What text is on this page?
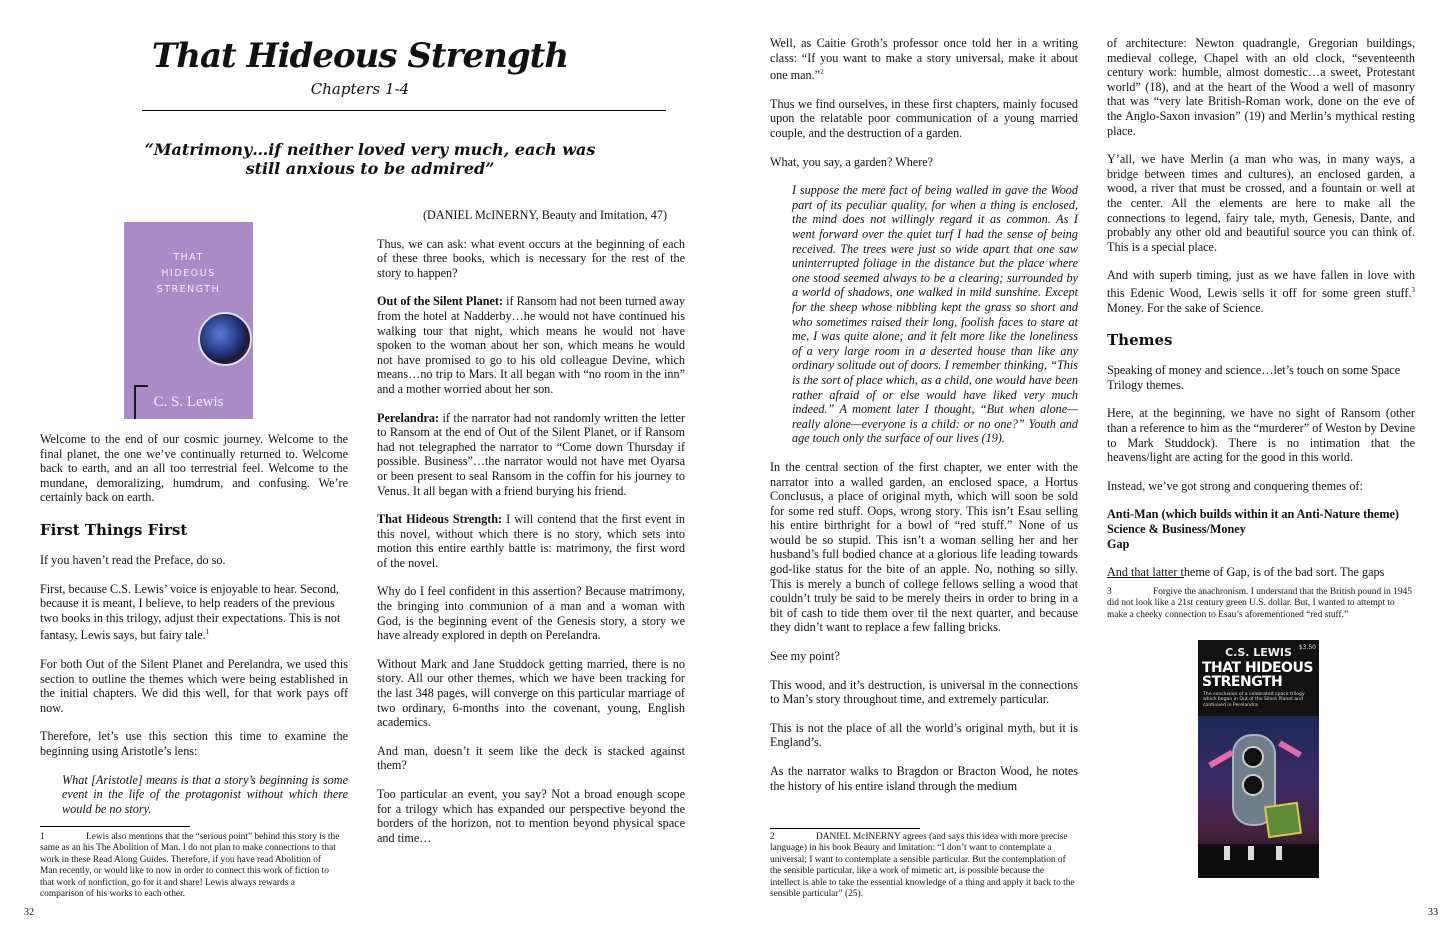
That Hideous Strength
Chapters 1-4
“Matrimony…if neither loved very much, each was still anxious to be admired”
THAT
HIDEOUS
STRENGTH
C. S. Lewis

Welcome to the end of our cosmic journey. Welcome to the final planet, the one we’ve continually returned to. Welcome back to earth, and an all too terrestrial feel. Welcome to the mundane, demoralizing, humdrum, and confusing. We’re certainly back on earth.

First Things First

If you haven’t read the Preface, do so.

First, because C.S. Lewis’ voice is enjoyable to hear. Second, because it is meant, I believe, to help readers of the previous two books in this trilogy, adjust their expectations. This is not fantasy, Lewis says, but fairy tale.$^1$

For both Out of the Silent Planet and Perelandra, we used this section to outline the themes which were being established in the initial chapters. We did this well, for that work pays off now.

Therefore, let’s use this section this time to examine the beginning using Aristotle’s lens:

What [Aristotle] means is that a story’s beginning is some event in the life of the protagonist without which there would be no story.

1	Lewis also mentions that the “serious point” behind this story is the same as an his The Abolition of Man. I do not plan to make connections to that work in these Read Along Guides. Therefore, if you have read Abolition of Man recently, or would like to now in order to connect this work of fiction to that work of nonfiction, go for it and share! Lewis always rewards a comparison of his works to each other.
32

(DANIEL McINERNY, Beauty and Imitation, 47)

Thus, we can ask: what event occurs at the beginning of each of these three books, which is necessary for the rest of the story to happen?

Out of the Silent Planet: if Ransom had not been turned away from the hotel at Nadderby…he would not have continued his walking tour that night, which means he would not have spoken to the woman about her son, which means he would not have promised to go to his old colleague Devine, which means…no trip to Mars. It all began with “no room in the inn” and a mother worried about her son.

Perelandra: if the narrator had not randomly written the letter to Ransom at the end of Out of the Silent Planet, or if Ransom had not telegraphed the narrator to “Come down Thursday if possible. Business”…the narrator would not have met Oyarsa or been present to seal Ransom in the coffin for his journey to Venus. It all began with a friend burying his friend.

That Hideous Strength: I will contend that the first event in this novel, without which there is no story, which sets into motion this entire earthly battle is: matrimony, the first word of the novel.

Why do I feel confident in this assertion? Because matrimony, the bringing into communion of a man and a woman with God, is the beginning event of the Genesis story, a story we have already explored in depth on Perelandra.

Without Mark and Jane Studdock getting married, there is no story. All our other themes, which we have been tracking for the last 348 pages, will converge on this particular marriage of two ordinary, 6-months into the covenant, young, English academics.

And man, doesn’t it seem like the deck is stacked against them?

Too particular an event, you say? Not a broad enough scope for a trilogy which has expanded our perspective beyond the borders of the horizon, not to mention beyond physical space and time…

Well, as Caitie Groth’s professor once told her in a writing class: “If you want to make a story universal, make it about one man.”$^2$

Thus we find ourselves, in these first chapters, mainly focused upon the relatable poor communication of a young married couple, and the destruction of a garden.

What, you say, a garden? Where?

I suppose the mere fact of being walled in gave the Wood part of its peculiar quality, for when a thing is enclosed, the mind does not willingly regard it as common. As I went forward over the quiet turf I had the sense of being received. The trees were just so wide apart that one saw uninterrupted foliage in the distance but the place where one stood seemed always to be a clearing; surrounded by a world of shadows, one walked in mild sunshine. Except for the sheep whose nibbling kept the grass so short and who sometimes raised their long, foolish faces to stare at me, I was quite alone; and it felt more like the loneliness of a very large room in a deserted house than like any ordinary solitude out of doors. I remember thinking, “This is the sort of place which, as a child, one would have been rather afraid of or else would have liked very much indeed.” A moment later I thought, “But when alone—really alone—everyone is a child: or no one?” Youth and age touch only the surface of our lives (19).

In the central section of the first chapter, we enter with the narrator into a walled garden, an enclosed space, a Hortus Conclusus, a place of original myth, which will soon be sold for some red stuff. Oops, wrong story. This isn’t Esau selling his entire birthright for a bowl of “red stuff.” None of us would be so stupid. This isn’t a woman selling her and her husband’s full bodied chance at a glorious life leading towards god-like status for the bite of an apple. No, nothing so silly. This is merely a bunch of college fellows selling a wood that couldn’t truly be said to be merely theirs in order to bring in a bit of cash to tide them over til the next quarter, and because they didn’t want to replace a few falling bricks.

See my point?

This wood, and it’s destruction, is universal in the connections to Man’s story throughout time, and extremely particular.

This is not the place of all the world’s original myth, but it is England’s.

As the narrator walks to Bragdon or Bracton Wood, he notes the history of his entire island through the medium

2	DANIEL McINERNY agrees (and says this idea with more precise language) in his book Beauty and Imitation: “I don’t want to contemplate a universal; I want to contemplate a sensible particular. But the contemplation of the sensible particular, like a work of mimetic art, is possible because the intellect is able to take the essential knowledge of a thing and apply it back to the sensible particular” (25).

of architecture: Newton quadrangle, Gregorian buildings, medieval college, Chapel with an old clock, “seventeenth century work: humble, almost domestic…a sweet, Protestant world” (18), and at the heart of the Wood a well of masonry that was “very late British-Roman work, done on the eve of the Anglo-Saxon invasion” (19) and Merlin’s mythical resting place.

Y’all, we have Merlin (a man who was, in many ways, a bridge between times and cultures), an enclosed garden, a wood, a river that must be crossed, and a fountain or well at the center. All the elements are here to make all the connections to legend, fairy tale, myth, Genesis, Dante, and probably any other old and beautiful source you can think of. This is a special place.

And with superb timing, just as we have fallen in love with this Edenic Wood, Lewis sells it off for some green stuff.$^3$ Money. For the sake of Science.

Themes

Speaking of money and science…let’s touch on some Space Trilogy themes.

Here, at the beginning, we have no sight of Ransom (other than a reference to him as the “murderer” of Weston by Devine to Mark Studdock). There is no intimation that the heavens/light are acting for the good in this world.

Instead, we’ve got strong and conquering themes of:

Anti-Man (which builds within it an Anti-Nature theme)

Science & Business/Money

Gap

And that latter theme of Gap, is of the bad sort. The gaps

3	Forgive the anachronism. I understand that the British pound in 1945 did not look like a 21st century green U.S. dollar. But, I wanted to attempt to make a cheeky connection to Esau’s aforementioned “red stuff.”
C.S. LEWIS	$3.50
THAT HIDEOUS
STRENGTH
The conclusion of a celebrated space trilogy which began in Out of the Silent Planet and continued in Perelandra
33
